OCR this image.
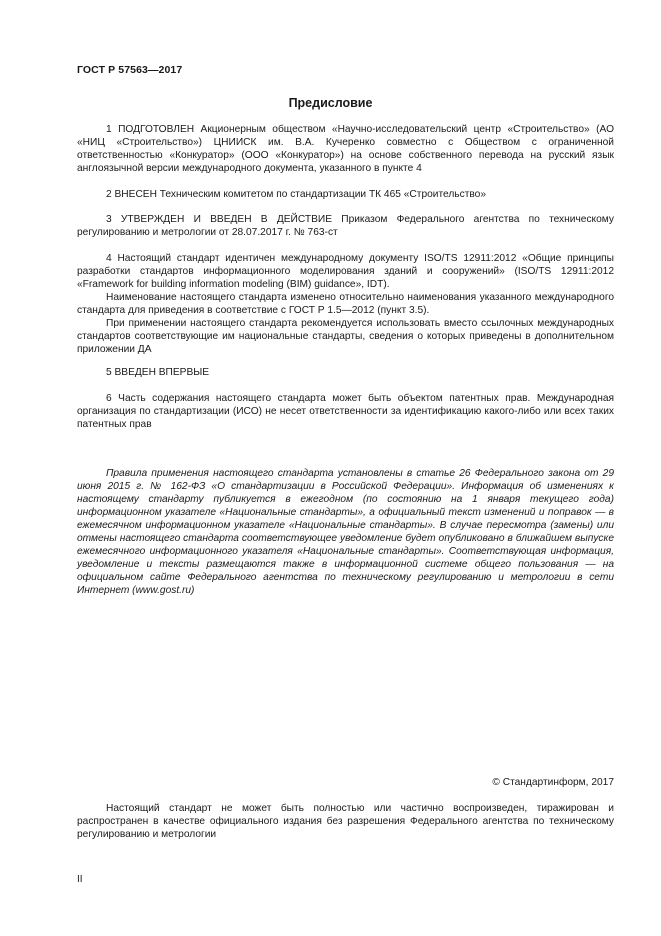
ГОСТ Р 57563—2017
Предисловие

1 ПОДГОТОВЛЕН Акционерным обществом «Научно-исследовательский центр «Строительство» (АО «НИЦ «Строительство») ЦНИИСК им. В.А. Кучеренко совместно с Обществом с ограниченной ответственностью «Конкуратор» (ООО «Конкуратор») на основе собственного перевода на русский язык англоязычной версии международного документа, указанного в пункте 4

2 ВНЕСЕН Техническим комитетом по стандартизации ТК 465 «Строительство»

3 УТВЕРЖДЕН И ВВЕДЕН В ДЕЙСТВИЕ Приказом Федерального агентства по техническому регулированию и метрологии от 28.07.2017 г. № 763-ст

4 Настоящий стандарт идентичен международному документу ISO/TS 12911:2012 «Общие принципы разработки стандартов информационного моделирования зданий и сооружений» (ISO/TS 12911:2012 «Framework for building information modeling (BIM) guidance», IDT).

Наименование настоящего стандарта изменено относительно наименования указанного международного стандарта для приведения в соответствие с ГОСТ Р 1.5—2012 (пункт 3.5).

При применении настоящего стандарта рекомендуется использовать вместо ссылочных международных стандартов соответствующие им национальные стандарты, сведения о которых приведены в дополнительном приложении ДА

5 ВВЕДЕН ВПЕРВЫЕ

6 Часть содержания настоящего стандарта может быть объектом патентных прав. Международная организация по стандартизации (ИСО) не несет ответственности за идентификацию какого-либо или всех таких патентных прав

Правила применения настоящего стандарта установлены в статье 26 Федерального закона от 29 июня 2015 г. № 162-ФЗ «О стандартизации в Российской Федерации». Информация об изменениях к настоящему стандарту публикуется в ежегодном (по состоянию на 1 января текущего года) информационном указателе «Национальные стандарты», а официальный текст изменений и поправок — в ежемесячном информационном указателе «Национальные стандарты». В случае пересмотра (замены) или отмены настоящего стандарта соответствующее уведомление будет опубликовано в ближайшем выпуске ежемесячного информационного указателя «Национальные стандарты». Соответствующая информация, уведомление и тексты размещаются также в информационной системе общего пользования — на официальном сайте Федерального агентства по техническому регулированию и метрологии в сети Интернет (www.gost.ru)

© Стандартинформ, 2017

Настоящий стандарт не может быть полностью или частично воспроизведен, тиражирован и распространен в качестве официального издания без разрешения Федерального агентства по техническому регулированию и метрологии

II
